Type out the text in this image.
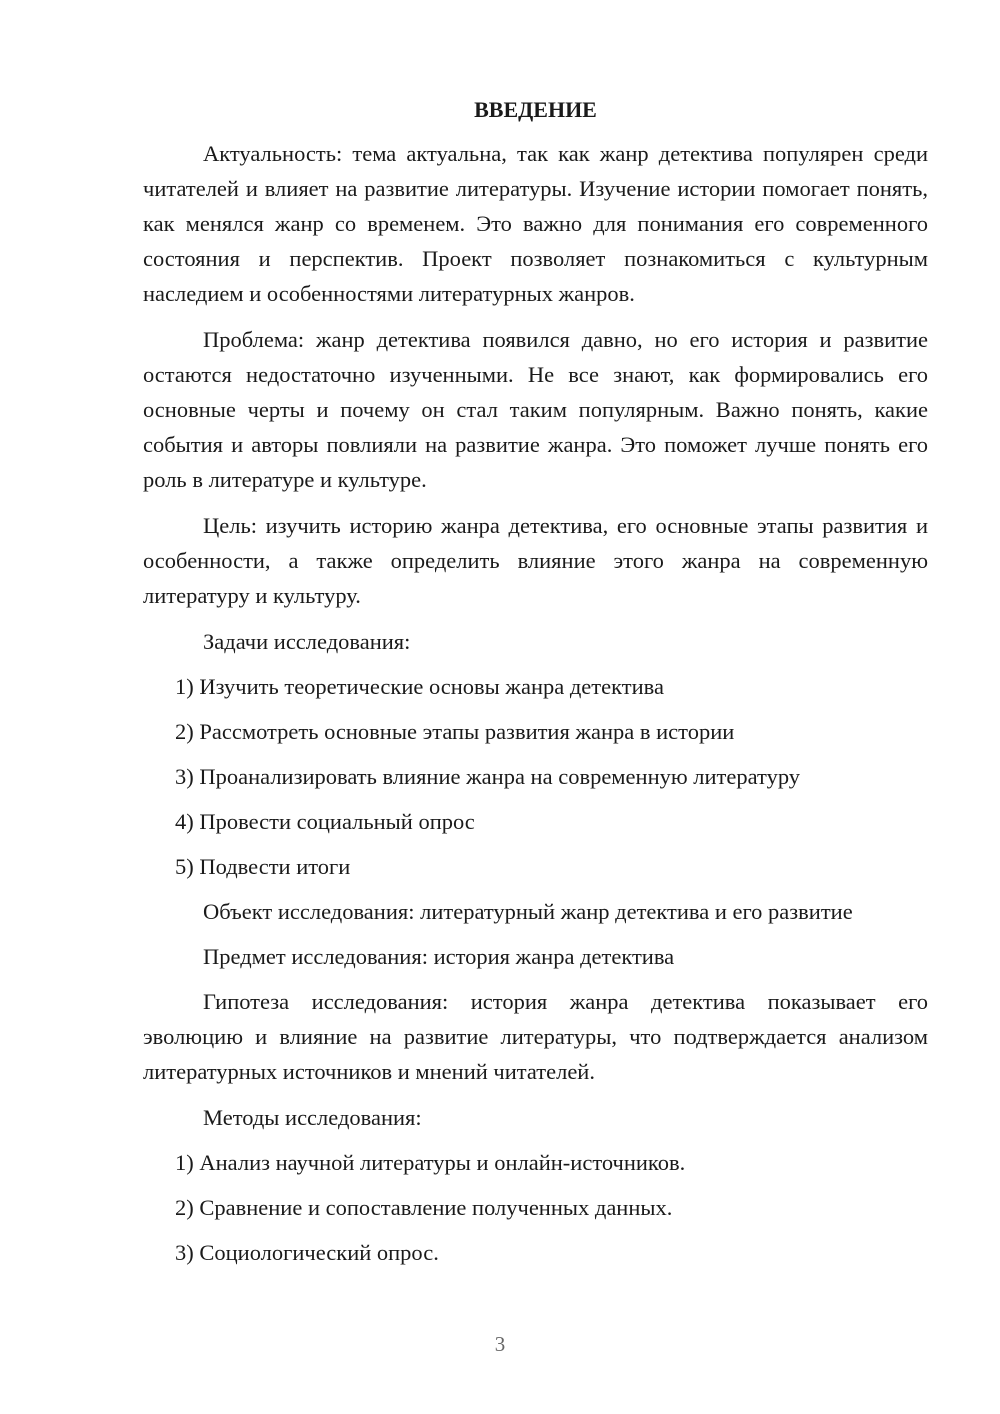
ВВЕДЕНИЕ

Актуальность: тема актуальна, так как жанр детектива популярен среди читателей и влияет на развитие литературы. Изучение истории помогает понять, как менялся жанр со временем. Это важно для понимания его современного состояния и перспектив. Проект позволяет познакомиться с культурным наследием и особенностями литературных жанров.

Проблема: жанр детектива появился давно, но его история и развитие остаются недостаточно изученными. Не все знают, как формировались его основные черты и почему он стал таким популярным. Важно понять, какие события и авторы повлияли на развитие жанра. Это поможет лучше понять его роль в литературе и культуре.

Цель: изучить историю жанра детектива, его основные этапы развития и особенности, а также определить влияние этого жанра на современную литературу и культуру.

Задачи исследования:

1) Изучить теоретические основы жанра детектива

2) Рассмотреть основные этапы развития жанра в истории

3) Проанализировать влияние жанра на современную литературу

4) Провести социальный опрос

5) Подвести итоги

Объект исследования: литературный жанр детектива и его развитие

Предмет исследования: история жанра детектива

Гипотеза исследования: история жанра детектива показывает его эволюцию и влияние на развитие литературы, что подтверждается анализом литературных источников и мнений читателей.

Методы исследования:

1) Анализ научной литературы и онлайн-источников.

2) Сравнение и сопоставление полученных данных.

3) Социологический опрос.

3
